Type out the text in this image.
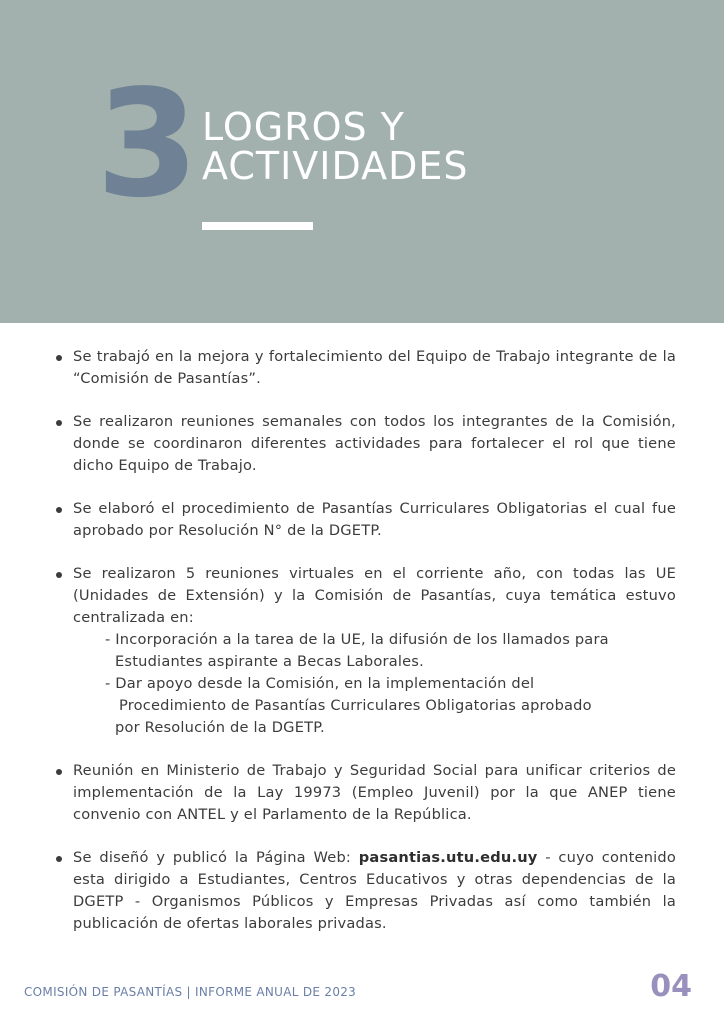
3 LOGROS Y
ACTIVIDADES
Se trabajó en la mejora y fortalecimiento del Equipo de Trabajo integrante de la “Comisión de Pasantías”.
Se realizaron reuniones semanales con todos los integrantes de la Comisión, donde se coordinaron diferentes actividades para fortalecer el rol que tiene dicho Equipo de Trabajo.
Se elaboró el procedimiento de Pasantías Curriculares Obligatorias el cual fue aprobado por Resolución N° de la DGETP.
Se realizaron 5 reuniones virtuales en el corriente año, con todas las UE (Unidades de Extensión) y la Comisión de Pasantías, cuya temática estuvo centralizada en:
- Incorporación a la tarea de la UE, la difusión de los llamados para
Estudiantes aspirante a Becas Laborales.
- Dar apoyo desde la Comisión, en la implementación del
Procedimiento de Pasantías Curriculares Obligatorias aprobado
por Resolución de la DGETP.
Reunión en Ministerio de Trabajo y Seguridad Social para unificar criterios de implementación de la Lay 19973 (Empleo Juvenil) por la que ANEP tiene convenio con ANTEL y el Parlamento de la República.
Se diseñó y publicó la Página Web: pasantias.utu.edu.uy - cuyo contenido esta dirigido a Estudiantes, Centros Educativos y otras dependencias de la DGETP - Organismos Públicos y Empresas Privadas así como también la publicación de ofertas laborales privadas.
COMISIÓN DE PASANTÍAS | INFORME ANUAL DE 2023	04
